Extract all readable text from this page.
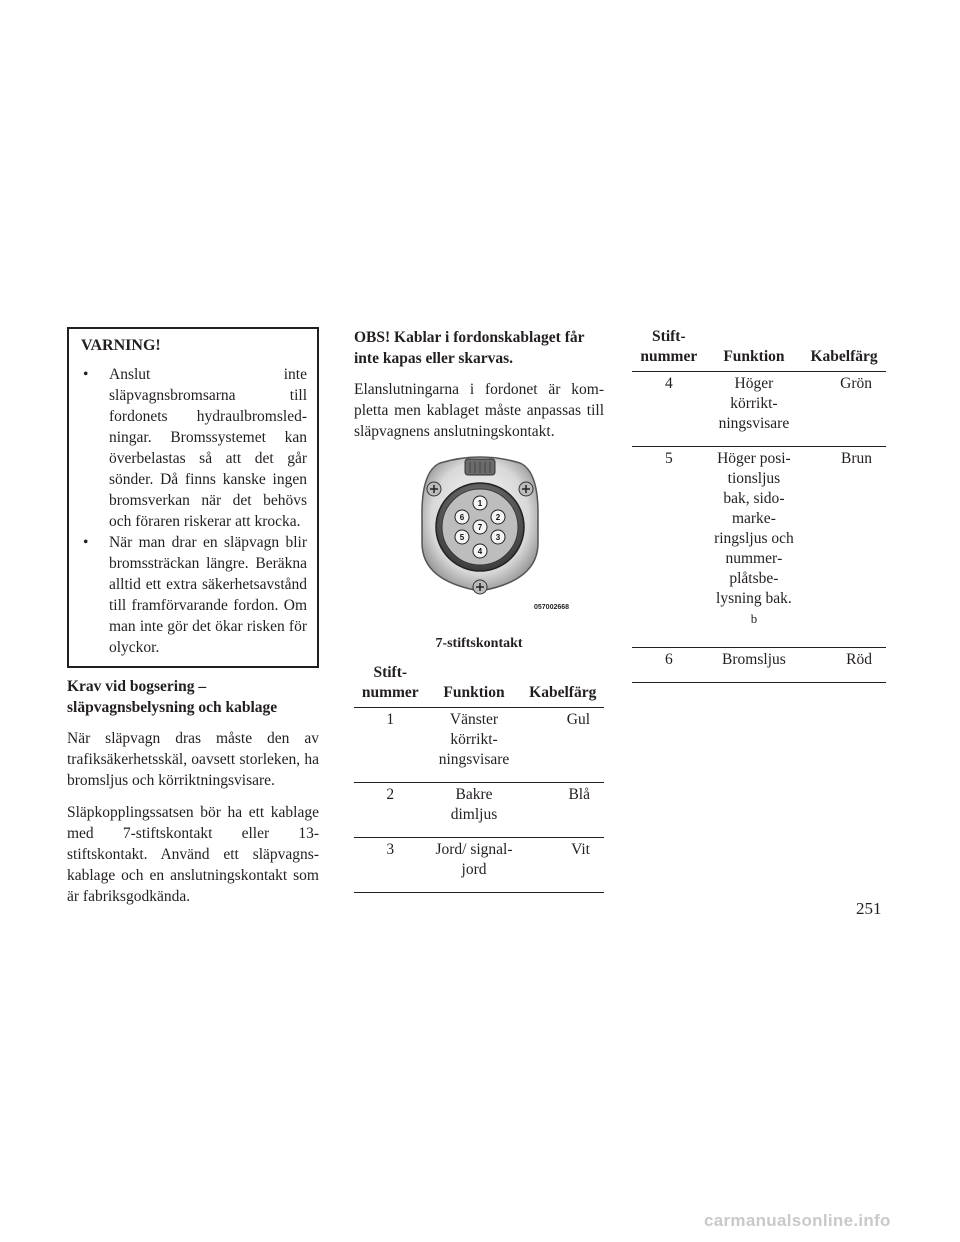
VARNING!
• Anslut inte släpvagnsbromsarna till fordonets hydraulbromsledningar. Bromssystemet kan överbelastas så att det går sönder. Då finns kanske ingen bromsverkan när det behövs och föraren riskerar att krocka.
• När man drar en släpvagn blir bromssträckan längre. Beräkna alltid ett extra säkerhetsavstånd till framförvarande fordon. Om man inte gör det ökar risken för olyckor.

Krav vid bogsering – släpvagnsbelysning och kablage

När släpvagn dras måste den av trafiksäkerhetsskäl, oavsett storleken, ha bromsljus och körriktningsvisare.

Släpkopplingssatsen bör ha ett kablage med 7-stiftskontakt eller 13-stiftskontakt. Använd ett släpvagnskablage och en anslutningskontakt som är fabriksgodkända.

OBS! Kablar i fordonskablaget får inte kapas eller skarvas.

Elanslutningarna i fordonet är kompletta men kablaget måste anpassas till släpvagnens anslutningskontakt.

1
2
3
4
5
6
7
057002668
7-stiftskontakt
Stiftnummer	Funktion	Kabelfärg
1	Vänster körriktningsvisare	Gul
2	Bakre dimljus	Blå
3	Jord/ signaljord	Vit
Stiftnummer	Funktion	Kabelfärg
4	Höger körriktningsvisare	Grön
5	Höger positionsljus bak, sidomarkeringsljus och nummerplåtsbelysning bak. $^b$	Brun
6	Bromsljus	Röd
251
carmanualsonline.info
